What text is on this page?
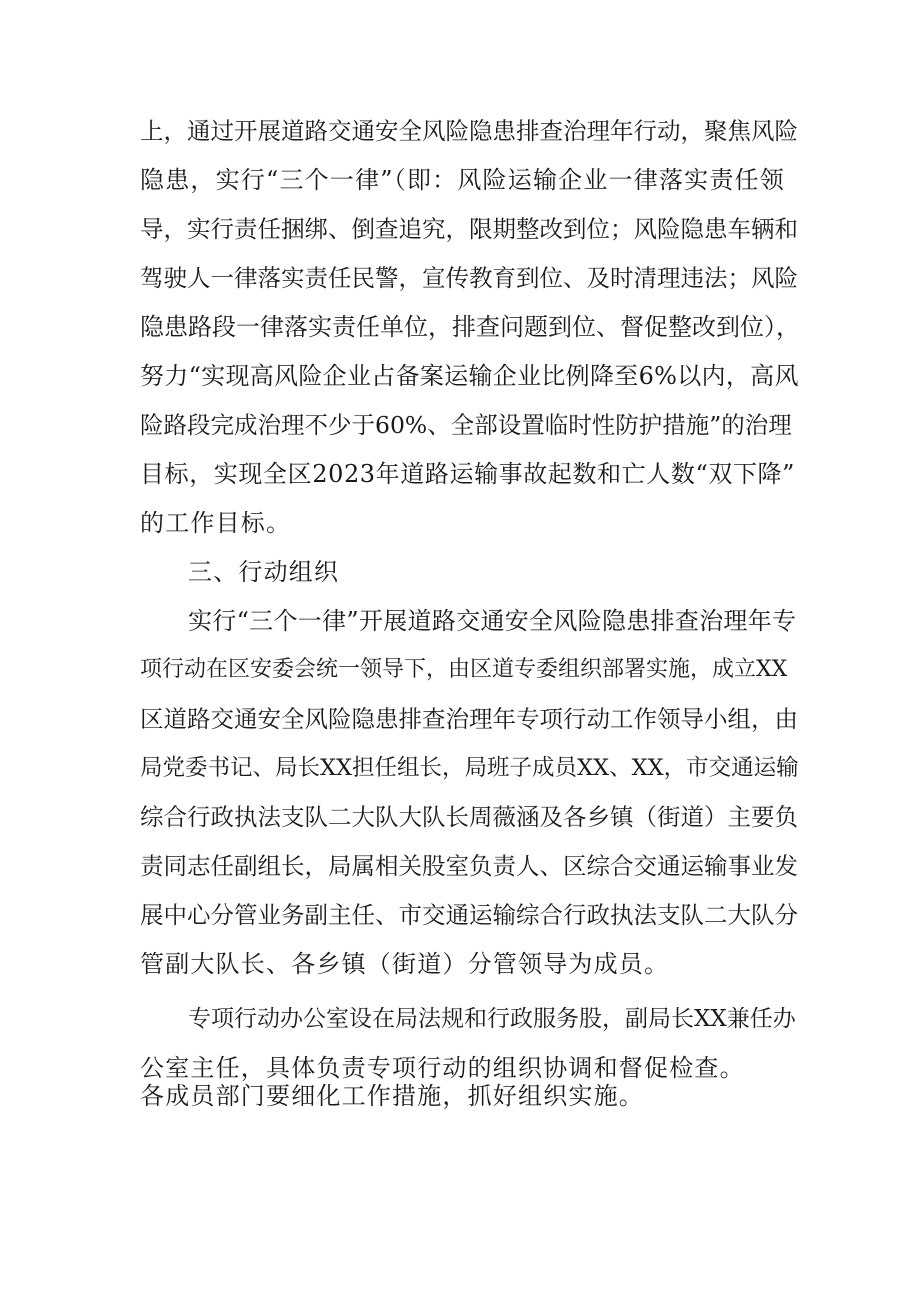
上，通过开展道路交通安全风险隐患排查治理年行动，聚焦风险
隐患，实行“三个一律”（即：风险运输企业一律落实责任领
导，实行责任捆绑、倒查追究，限期整改到位；风险隐患车辆和
驾驶人一律落实责任民警，宣传教育到位、及时清理违法；风险
隐患路段一律落实责任单位，排查问题到位、督促整改到位），
努力“实现高风险企业占备案运输企业比例降至6%以内，高风
险路段完成治理不少于60%、全部设置临时性防护措施”的治理
目标，实现全区2023年道路运输事故起数和亡人数“双下降”
的工作目标。
三、行动组织
实行“三个一律”开展道路交通安全风险隐患排查治理年专
项行动在区安委会统一领导下，由区道专委组织部署实施，成立XX
区道路交通安全风险隐患排查治理年专项行动工作领导小组，由
局党委书记、局长XX担任组长，局班子成员XX、XX，市交通运输
综合行政执法支队二大队大队长周薇涵及各乡镇（街道）主要负
责同志任副组长，局属相关股室负责人、区综合交通运输事业发
展中心分管业务副主任、市交通运输综合行政执法支队二大队分
管副大队长、各乡镇（街道）分管领导为成员。
专项行动办公室设在局法规和行政服务股，副局长XX兼任办
公室主任，具体负责专项行动的组织协调和督促检查。
各成员部门要细化工作措施，抓好组织实施。
